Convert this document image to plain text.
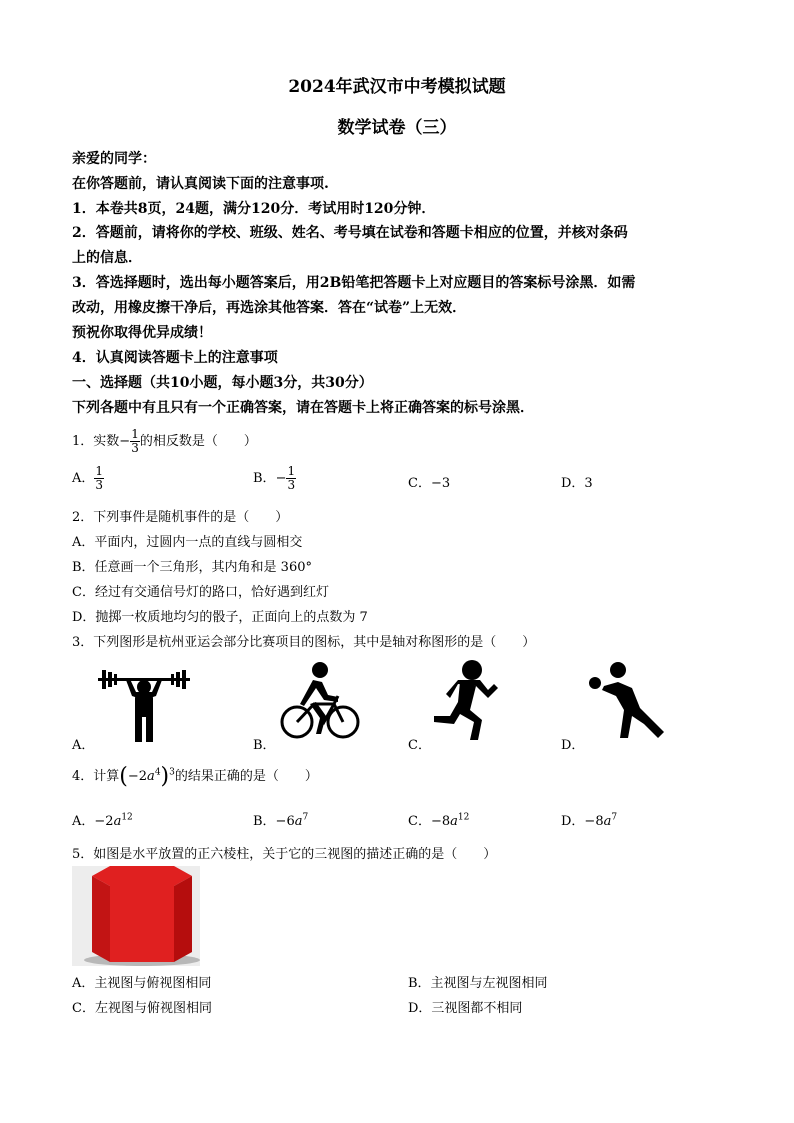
2024年武汉市中考模拟试题
数学试卷（三）
亲爱的同学：
在你答题前，请认真阅读下面的注意事项.
1．本卷共8页，24题，满分120分．考试用时120分钟．
2．答题前，请将你的学校、班级、姓名、考号填在试卷和答题卡相应的位置，并核对条码
上的信息．
3．答选择题时，选出每小题答案后，用2B铅笔把答题卡上对应题目的答案标号涂黑．如需
改动，用橡皮擦干净后，再选涂其他答案．答在“试卷”上无效．
预祝你取得优异成绩！
4．认真阅读答题卡上的注意事项
一、选择题（共10小题，每小题3分，共30分）
下列各题中有且只有一个正确答案，请在答题卡上将正确答案的标号涂黑．
1．实数− $\frac{1}{3}$ 的相反数是（　　）
A． $\frac{1}{3}$	B．− $\frac{1}{3}$	C．−3	D．3
2．下列事件是随机事件的是（　　）
A．平面内，过圆内一点的直线与圆相交
B．任意画一个三角形，其内角和是 360°
C．经过有交通信号灯的路口，恰好遇到红灯
D．抛掷一枚质地均匀的骰子，正面向上的点数为 7
3．下列图形是杭州亚运会部分比赛项目的图标，其中是轴对称图形的是（　　）
A．	B．	C．	D．
4．计算$(-2a^4)^3$的结果正确的是（　　）
A．$-2a^{12}$	B．$-6a^7$	C．$-8a^{12}$	D．$-8a^7$
5．如图是水平放置的正六棱柱，关于它的三视图的描述正确的是（　　）
A．主视图与俯视图相同	B．主视图与左视图相同
C．左视图与俯视图相同	D．三视图都不相同
